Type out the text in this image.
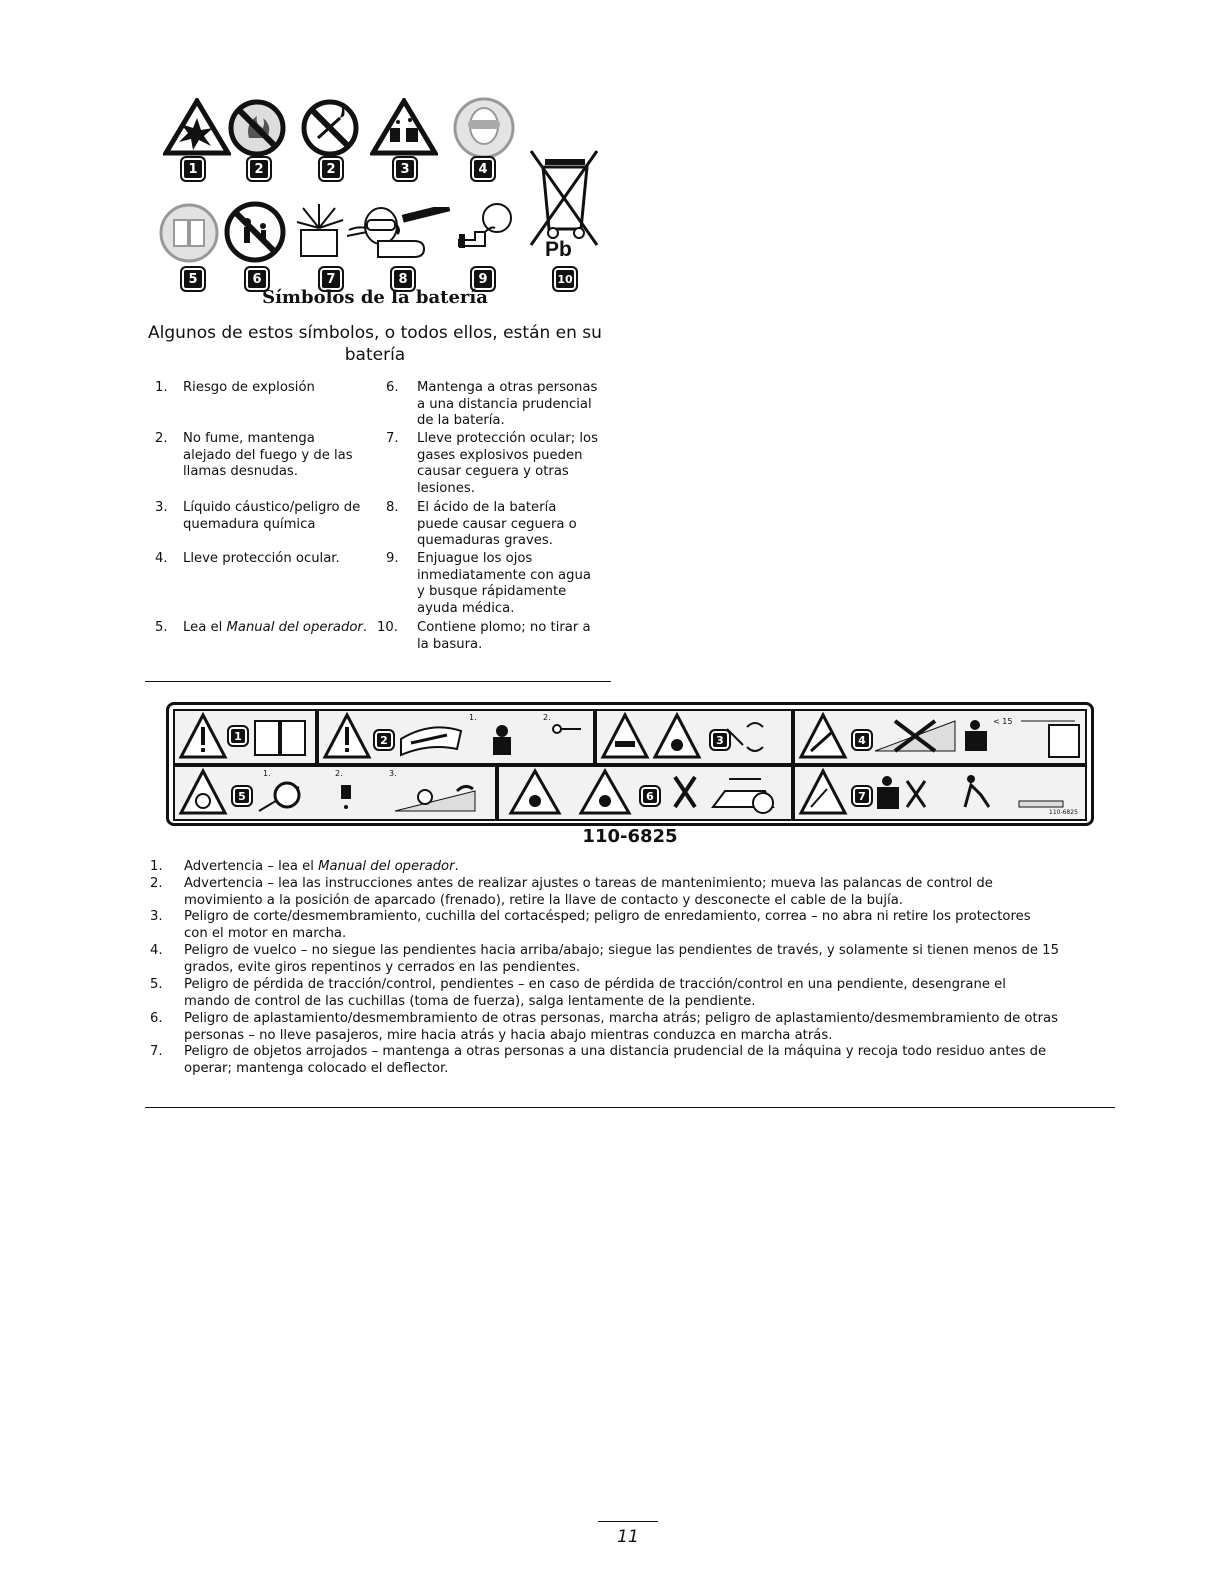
1	2	2	3	4
Pb
5	6	7	8	9	10
Símbolos de la batería
Algunos de estos símbolos, o todos ellos, están en su batería
1. Riesgo de explosión
2. No fume, mantenga
alejado del fuego y de las
llamas desnudas.
3. Líquido cáustico/peligro de
quemadura química
4. Lleve protección ocular.
5. Lea el Manual del operador.
6. Mantenga a otras personas
a una distancia prudencial
de la batería.
7. Lleve protección ocular; los
gases explosivos pueden
causar ceguera y otras
lesiones.
8. El ácido de la batería
puede causar ceguera o
quemaduras graves.
9. Enjuague los ojos
inmediatamente con agua
y busque rápidamente
ayuda médica.
10. Contiene plomo; no tirar a
la basura.
1	2
1.	2.
3	4
< 15
5
1.	2.	3.
6	7
110-6825
110-6825
1. Advertencia – lea el Manual del operador.
2. Advertencia – lea las instrucciones antes de realizar ajustes o tareas de mantenimiento; mueva las palancas de control de
movimiento a la posición de aparcado (frenado), retire la llave de contacto y desconecte el cable de la bujía.
3. Peligro de corte/desmembramiento, cuchilla del cortacésped; peligro de enredamiento, correa – no abra ni retire los protectores
con el motor en marcha.
4. Peligro de vuelco – no siegue las pendientes hacia arriba/abajo; siegue las pendientes de través, y solamente si tienen menos de 15
grados, evite giros repentinos y cerrados en las pendientes.
5. Peligro de pérdida de tracción/control, pendientes – en caso de pérdida de tracción/control en una pendiente, desengrane el
mando de control de las cuchillas (toma de fuerza), salga lentamente de la pendiente.
6. Peligro de aplastamiento/desmembramiento de otras personas, marcha atrás; peligro de aplastamiento/desmembramiento de otras
personas – no lleve pasajeros, mire hacia atrás y hacia abajo mientras conduzca en marcha atrás.
7. Peligro de objetos arrojados – mantenga a otras personas a una distancia prudencial de la máquina y recoja todo residuo antes de
operar; mantenga colocado el deflector.
11
